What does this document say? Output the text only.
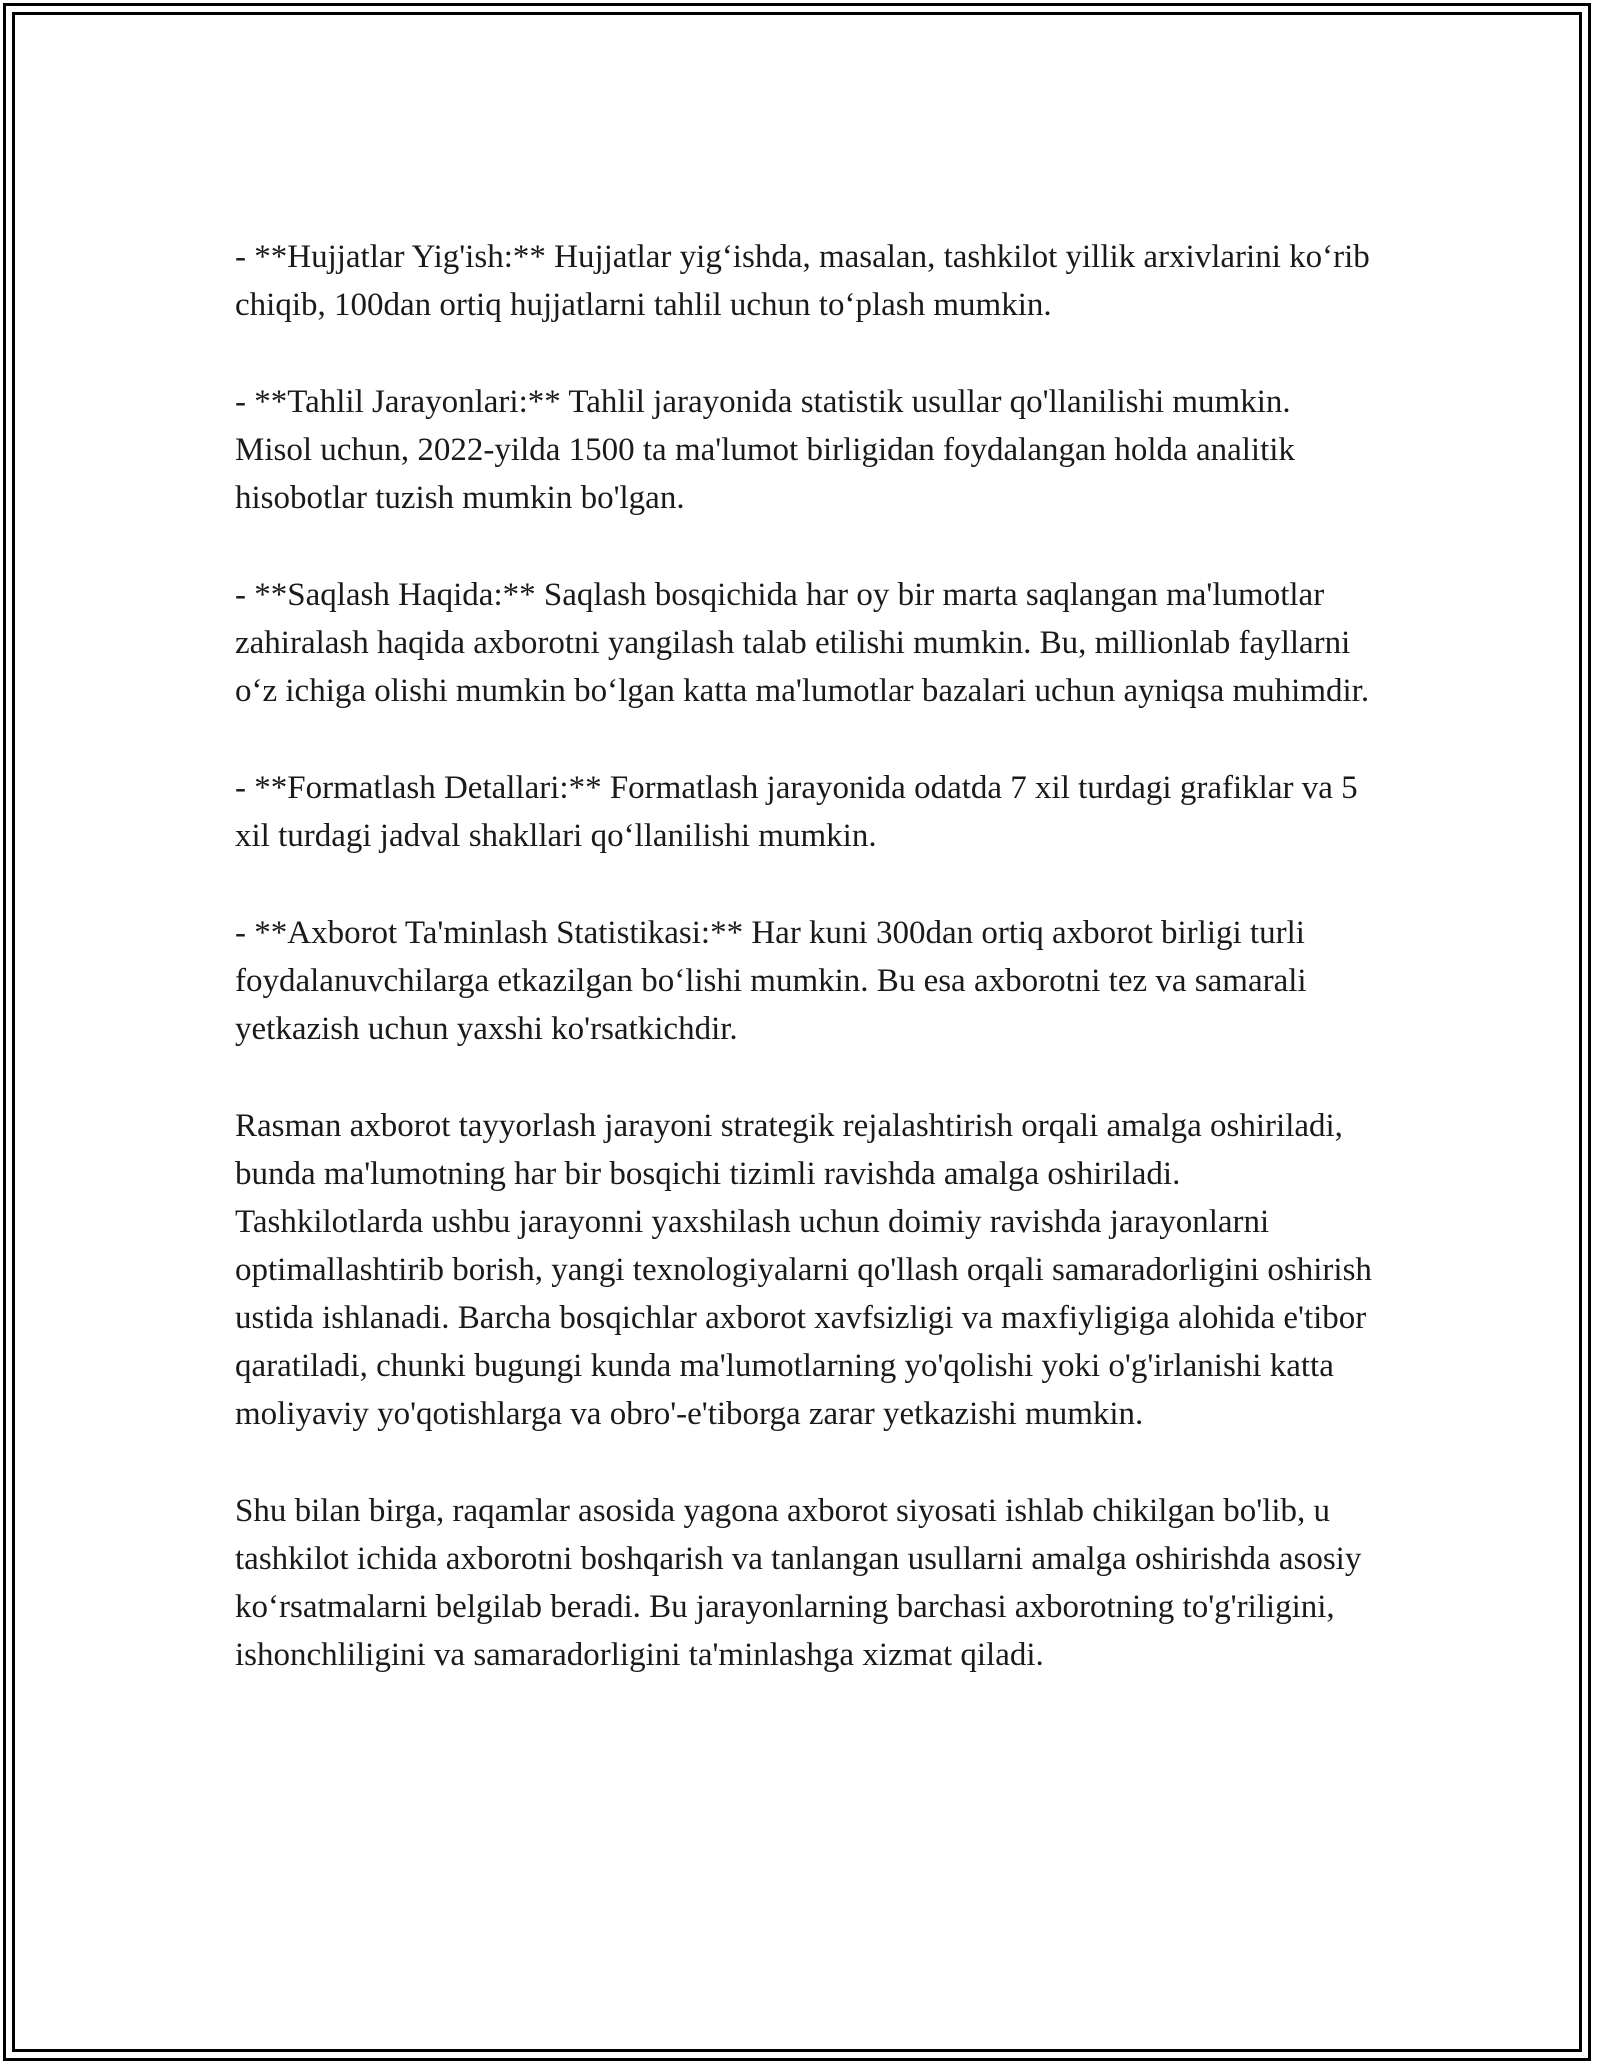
- **Hujjatlar Yig'ish:** Hujjatlar yig‘ishda, masalan, tashkilot yillik arxivlarini ko‘rib chiqib, 100dan ortiq hujjatlarni tahlil uchun to‘plash mumkin.

- **Tahlil Jarayonlari:** Tahlil jarayonida statistik usullar qo'llanilishi mumkin. Misol uchun, 2022-yilda 1500 ta ma'lumot birligidan foydalangan holda analitik hisobotlar tuzish mumkin bo'lgan.

- **Saqlash Haqida:** Saqlash bosqichida har oy bir marta saqlangan ma'lumotlar zahiralash haqida axborotni yangilash talab etilishi mumkin. Bu, millionlab fayllarni o‘z ichiga olishi mumkin bo‘lgan katta ma'lumotlar bazalari uchun ayniqsa muhimdir.

- **Formatlash Detallari:** Formatlash jarayonida odatda 7 xil turdagi grafiklar va 5 xil turdagi jadval shakllari qo‘llanilishi mumkin.

- **Axborot Ta'minlash Statistikasi:** Har kuni 300dan ortiq axborot birligi turli foydalanuvchilarga etkazilgan bo‘lishi mumkin. Bu esa axborotni tez va samarali yetkazish uchun yaxshi ko'rsatkichdir.

Rasman axborot tayyorlash jarayoni strategik rejalashtirish orqali amalga oshiriladi, bunda ma'lumotning har bir bosqichi tizimli ravishda amalga oshiriladi. Tashkilotlarda ushbu jarayonni yaxshilash uchun doimiy ravishda jarayonlarni optimallashtirib borish, yangi texnologiyalarni qo'llash orqali samaradorligini oshirish ustida ishlanadi. Barcha bosqichlar axborot xavfsizligi va maxfiyligiga alohida e'tibor qaratiladi, chunki bugungi kunda ma'lumotlarning yo'qolishi yoki o'g'irlanishi katta moliyaviy yo'qotishlarga va obro'-e'tiborga zarar yetkazishi mumkin.

Shu bilan birga, raqamlar asosida yagona axborot siyosati ishlab chikilgan bo'lib, u tashkilot ichida axborotni boshqarish va tanlangan usullarni amalga oshirishda asosiy ko‘rsatmalarni belgilab beradi. Bu jarayonlarning barchasi axborotning to'g'riligini, ishonchliligini va samaradorligini ta'minlashga xizmat qiladi.
